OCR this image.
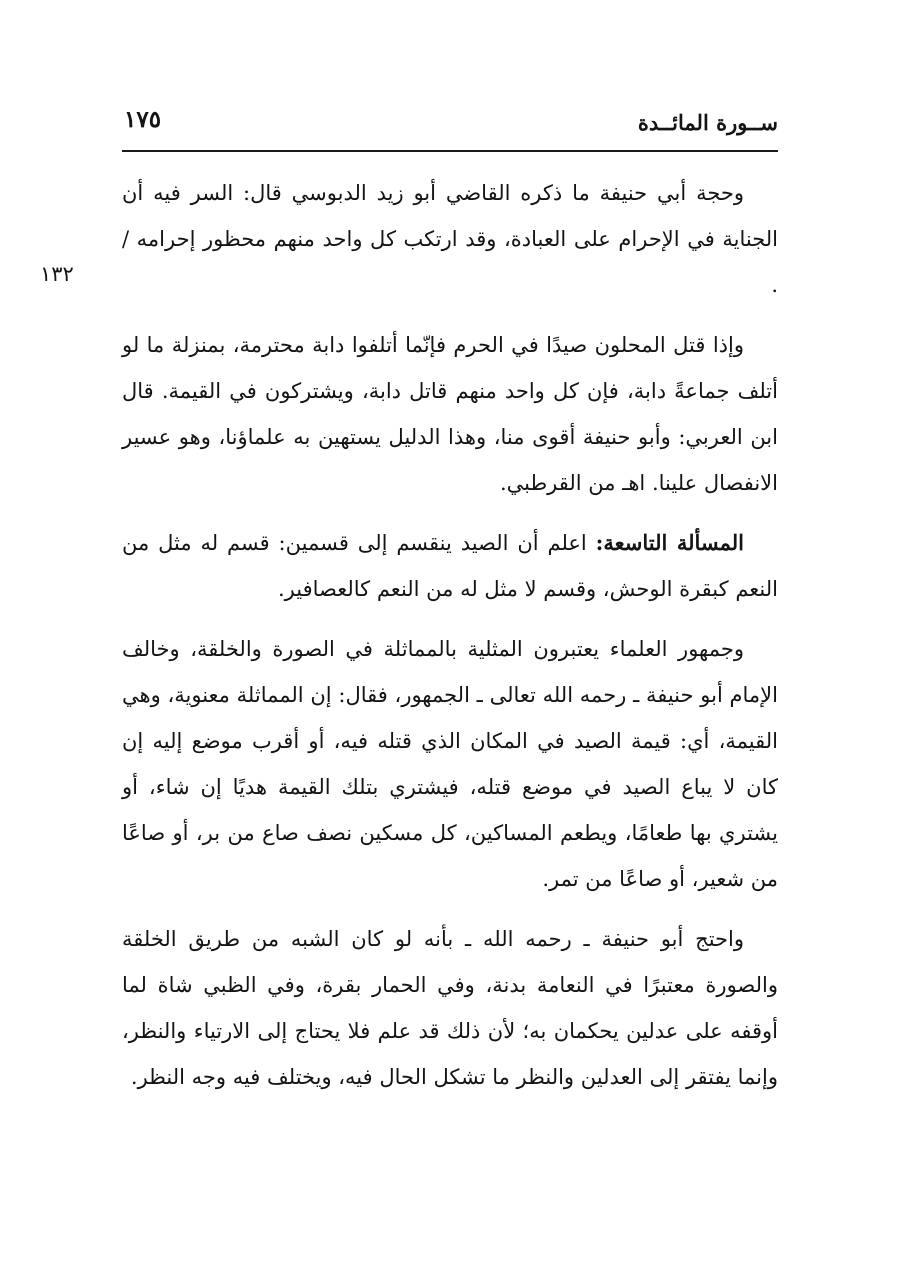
ســورة المائــدة
١٧٥
١٣٢

وحجة أبي حنيفة ما ذكره القاضي أبو زيد الدبوسي قال: السر فيه أن الجناية في الإحرام على العبادة، وقد ارتكب كل واحد منهم محظور إحرامه / .

وإذا قتل المحلون صيدًا في الحرم فإنّما أتلفوا دابة محترمة، بمنزلة ما لو أتلف جماعةً دابة، فإن كل واحد منهم قاتل دابة، ويشتركون في القيمة. قال ابن العربي: وأبو حنيفة أقوى منا، وهذا الدليل يستهين به علماؤنا، وهو عسير الانفصال علينا. اهـ من القرطبي.

المسألة التاسعة: اعلم أن الصيد ينقسم إلى قسمين: قسم له مثل من النعم كبقرة الوحش، وقسم لا مثل له من النعم كالعصافير.

وجمهور العلماء يعتبرون المثلية بالمماثلة في الصورة والخلقة، وخالف الإمام أبو حنيفة ـ رحمه الله تعالى ـ الجمهور، فقال: إن المماثلة معنوية، وهي القيمة، أي: قيمة الصيد في المكان الذي قتله فيه، أو أقرب موضع إليه إن كان لا يباع الصيد في موضع قتله، فيشتري بتلك القيمة هديًا إن شاء، أو يشتري بها طعامًا، ويطعم المساكين، كل مسكين نصف صاع من بر، أو صاعًا من شعير، أو صاعًا من تمر.

واحتج أبو حنيفة ـ رحمه الله ـ بأنه لو كان الشبه من طريق الخلقة والصورة معتبرًا في النعامة بدنة، وفي الحمار بقرة، وفي الظبي شاة لما أوقفه على عدلين يحكمان به؛ لأن ذلك قد علم فلا يحتاج إلى الارتياء والنظر، وإنما يفتقر إلى العدلين والنظر ما تشكل الحال فيه، ويختلف فيه وجه النظر.
